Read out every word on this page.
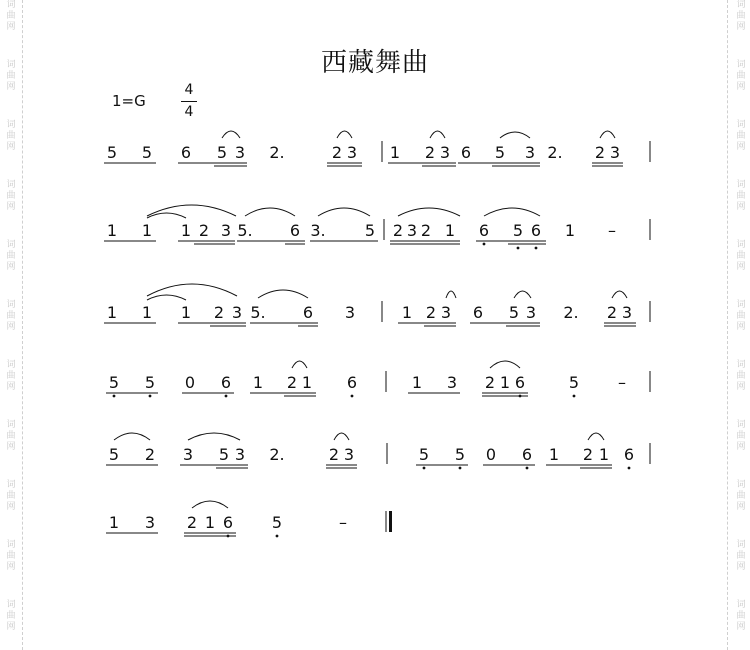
词
曲
网
词
曲
网
词
曲
网
词
曲
网
词
曲
网
词
曲
网
词
曲
网
词
曲
网
词
曲
网
词
曲
网
词
曲
网
词
曲
网
词
曲
网
词
曲
网
词
曲
网
词
曲
网
词
曲
网
词
曲
网
词
曲
网
词
曲
网
词
曲
网
词
曲
网
西藏舞曲
1=G
4
4
5 5 6 5 3 2.	2 3 1 2 3 6 5 3 2. 2 3
1 1 1 2 3 5. 6 3. 5 2 3 2 1 6 5 6 1 –
1 1 1 2 3 5. 6 3	1 2 3 6 5 3 2. 2 3
5 5 0 6 1 2 1 6	1 3 2 1 6	5 –
5 2 3 5 3 2.	2 3	5 5 0 6 1 2 1 6
1 3 2 1 6 5	–
